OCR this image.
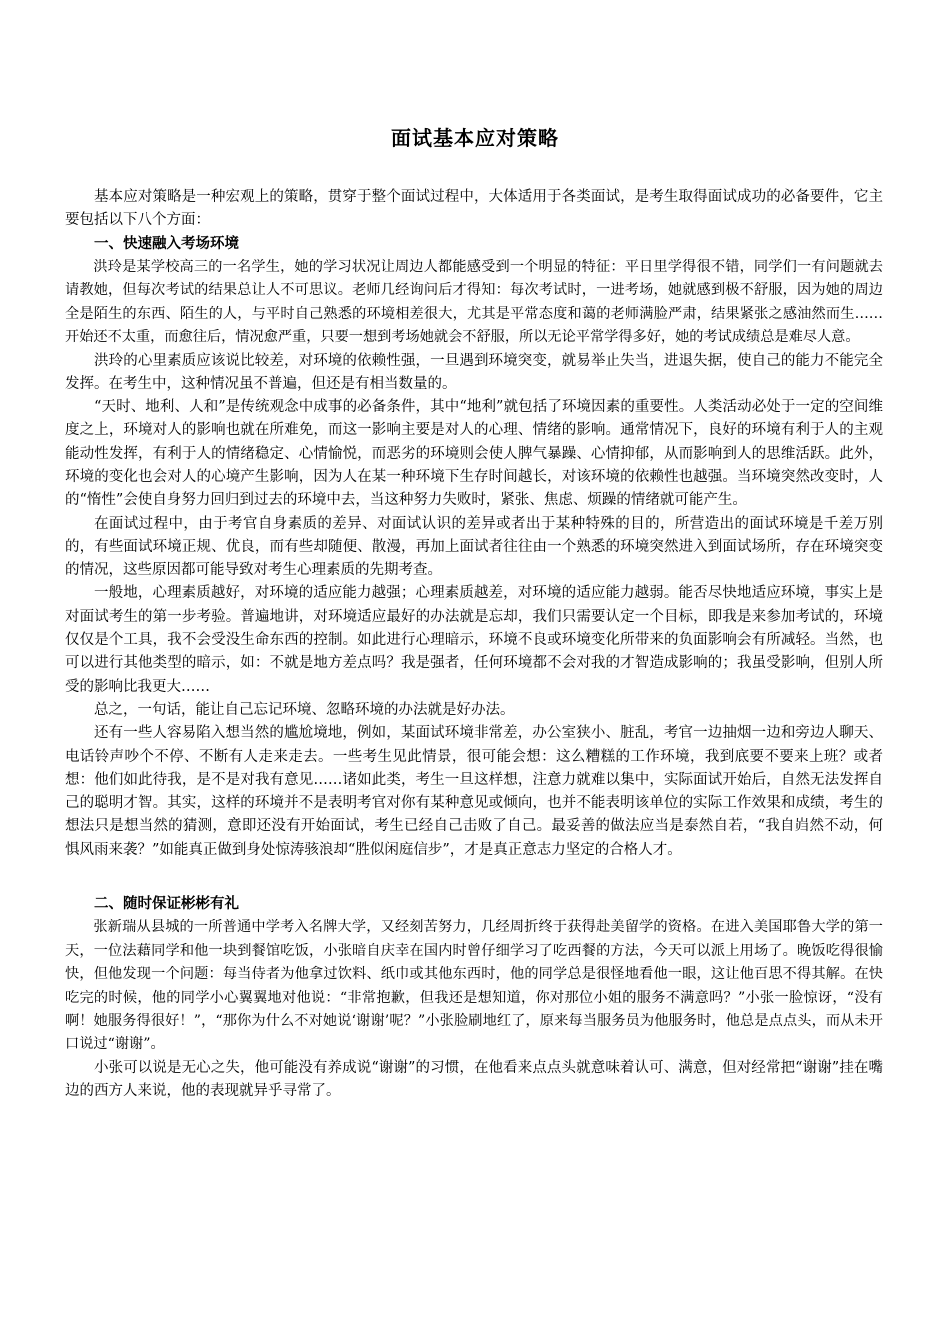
面试基本应对策略

基本应对策略是一种宏观上的策略，贯穿于整个面试过程中，大体适用于各类面试，是考生取得面试成功的必备要件，它主要包括以下八个方面：

一、快速融入考场环境

洪玲是某学校高三的一名学生，她的学习状况让周边人都能感受到一个明显的特征：平日里学得很不错，同学们一有问题就去请教她，但每次考试的结果总让人不可思议。老师几经询问后才得知：每次考试时，一进考场，她就感到极不舒服，因为她的周边全是陌生的东西、陌生的人，与平时自己熟悉的环境相差很大，尤其是平常态度和蔼的老师满脸严肃，结果紧张之感油然而生……开始还不太重，而愈往后，情况愈严重，只要一想到考场她就会不舒服，所以无论平常学得多好，她的考试成绩总是难尽人意。

洪玲的心里素质应该说比较差，对环境的依赖性强，一旦遇到环境突变，就易举止失当，进退失据，使自己的能力不能完全发挥。在考生中，这种情况虽不普遍，但还是有相当数量的。

“天时、地利、人和”是传统观念中成事的必备条件，其中“地利”就包括了环境因素的重要性。人类活动必处于一定的空间维度之上，环境对人的影响也就在所难免，而这一影响主要是对人的心理、情绪的影响。通常情况下，良好的环境有利于人的主观能动性发挥，有利于人的情绪稳定、心情愉悦，而恶劣的环境则会使人脾气暴躁、心情抑郁，从而影响到人的思维活跃。此外，环境的变化也会对人的心境产生影响，因为人在某一种环境下生存时间越长，对该环境的依赖性也越强。当环境突然改变时，人的“惰性”会使自身努力回归到过去的环境中去，当这种努力失败时，紧张、焦虑、烦躁的情绪就可能产生。

在面试过程中，由于考官自身素质的差异、对面试认识的差异或者出于某种特殊的目的，所营造出的面试环境是千差万别的，有些面试环境正规、优良，而有些却随便、散漫，再加上面试者往往由一个熟悉的环境突然进入到面试场所，存在环境突变的情况，这些原因都可能导致对考生心理素质的先期考查。

一般地，心理素质越好，对环境的适应能力越强；心理素质越差，对环境的适应能力越弱。能否尽快地适应环境，事实上是对面试考生的第一步考验。普遍地讲，对环境适应最好的办法就是忘却，我们只需要认定一个目标，即我是来参加考试的，环境仅仅是个工具，我不会受没生命东西的控制。如此进行心理暗示，环境不良或环境变化所带来的负面影响会有所减轻。当然，也可以进行其他类型的暗示，如：不就是地方差点吗？我是强者，任何环境都不会对我的才智造成影响的；我虽受影响，但别人所受的影响比我更大……

总之，一句话，能让自己忘记环境、忽略环境的办法就是好办法。

还有一些人容易陷入想当然的尴尬境地，例如，某面试环境非常差，办公室狭小、脏乱，考官一边抽烟一边和旁边人聊天、电话铃声吵个不停、不断有人走来走去。一些考生见此情景，很可能会想：这么糟糕的工作环境，我到底要不要来上班？或者想：他们如此待我，是不是对我有意见……诸如此类，考生一旦这样想，注意力就难以集中，实际面试开始后，自然无法发挥自己的聪明才智。其实，这样的环境并不是表明考官对你有某种意见或倾向，也并不能表明该单位的实际工作效果和成绩，考生的想法只是想当然的猜测，意即还没有开始面试，考生已经自己击败了自己。最妥善的做法应当是泰然自若，“我自岿然不动，何惧风雨来袭？”如能真正做到身处惊涛骇浪却“胜似闲庭信步”，才是真正意志力坚定的合格人才。

二、随时保证彬彬有礼

张新瑞从县城的一所普通中学考入名牌大学，又经刻苦努力，几经周折终于获得赴美留学的资格。在进入美国耶鲁大学的第一天，一位法藉同学和他一块到餐馆吃饭，小张暗自庆幸在国内时曾仔细学习了吃西餐的方法，今天可以派上用场了。晚饭吃得很愉快，但他发现一个问题：每当侍者为他拿过饮料、纸巾或其他东西时，他的同学总是很怪地看他一眼，这让他百思不得其解。在快吃完的时候，他的同学小心翼翼地对他说：“非常抱歉，但我还是想知道，你对那位小姐的服务不满意吗？”小张一脸惊讶，“没有啊！她服务得很好！”，“那你为什么不对她说‘谢谢’呢？”小张脸刷地红了，原来每当服务员为他服务时，他总是点点头，而从未开口说过“谢谢”。

小张可以说是无心之失，他可能没有养成说“谢谢”的习惯，在他看来点点头就意味着认可、满意，但对经常把“谢谢”挂在嘴边的西方人来说，他的表现就异乎寻常了。
